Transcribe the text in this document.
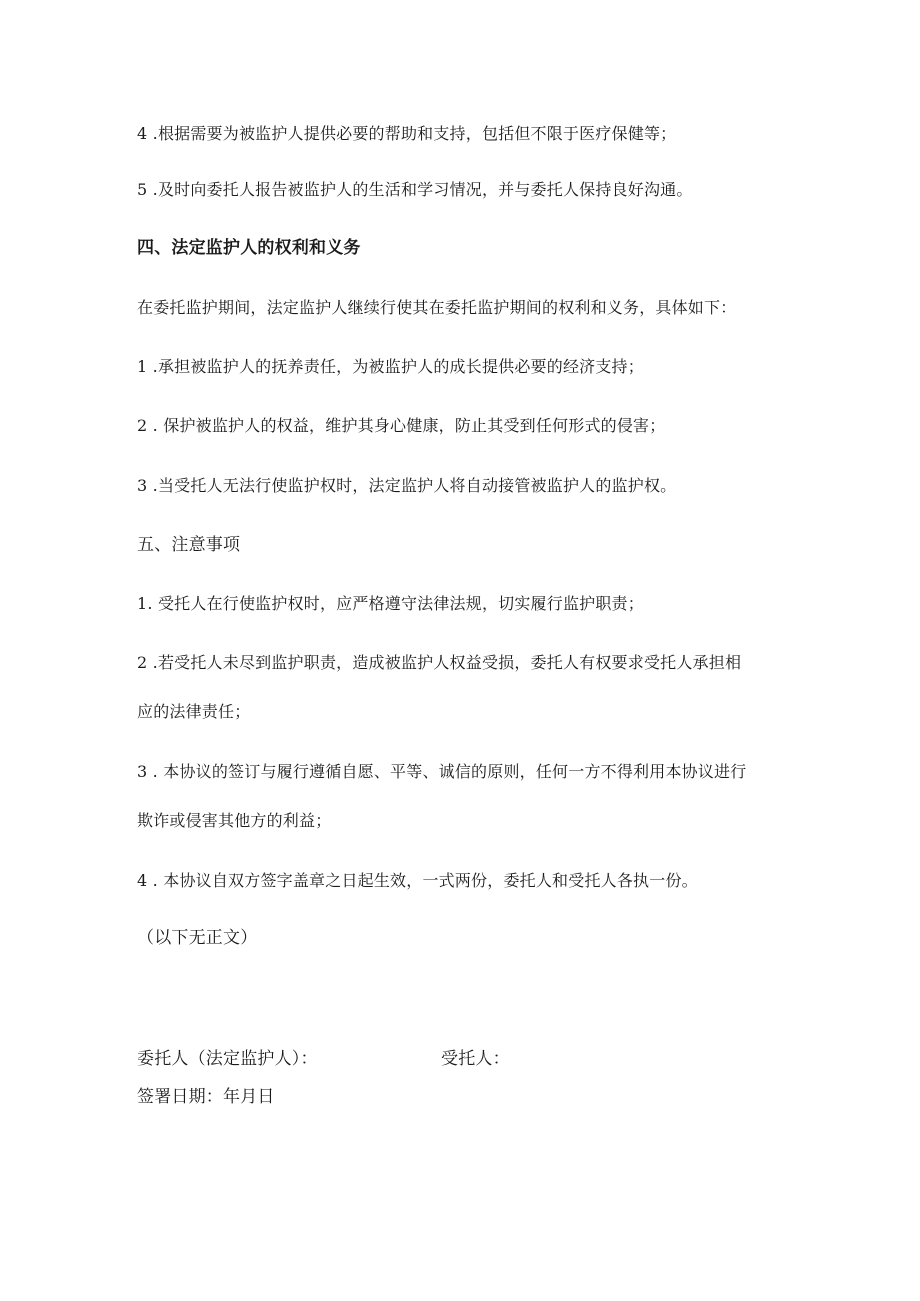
4 .根据需要为被监护人提供必要的帮助和支持，包括但不限于医疗保健等；
5 .及时向委托人报告被监护人的生活和学习情况，并与委托人保持良好沟通。
四、法定监护人的权利和义务
在委托监护期间，法定监护人继续行使其在委托监护期间的权利和义务，具体如下：
1 .承担被监护人的抚养责任，为被监护人的成长提供必要的经济支持；
2 . 保护被监护人的权益，维护其身心健康，防止其受到任何形式的侵害；
3 .当受托人无法行使监护权时，法定监护人将自动接管被监护人的监护权。
五、注意事项
1. 受托人在行使监护权时，应严格遵守法律法规，切实履行监护职责；
2 .若受托人未尽到监护职责，造成被监护人权益受损，委托人有权要求受托人承担相
应的法律责任；
3 . 本协议的签订与履行遵循自愿、平等、诚信的原则，任何一方不得利用本协议进行
欺诈或侵害其他方的利益；
4 . 本协议自双方签字盖章之日起生效，一式两份，委托人和受托人各执一份。
（以下无正文）
委托人（法定监护人）：	受托人：
签署日期：年月日
